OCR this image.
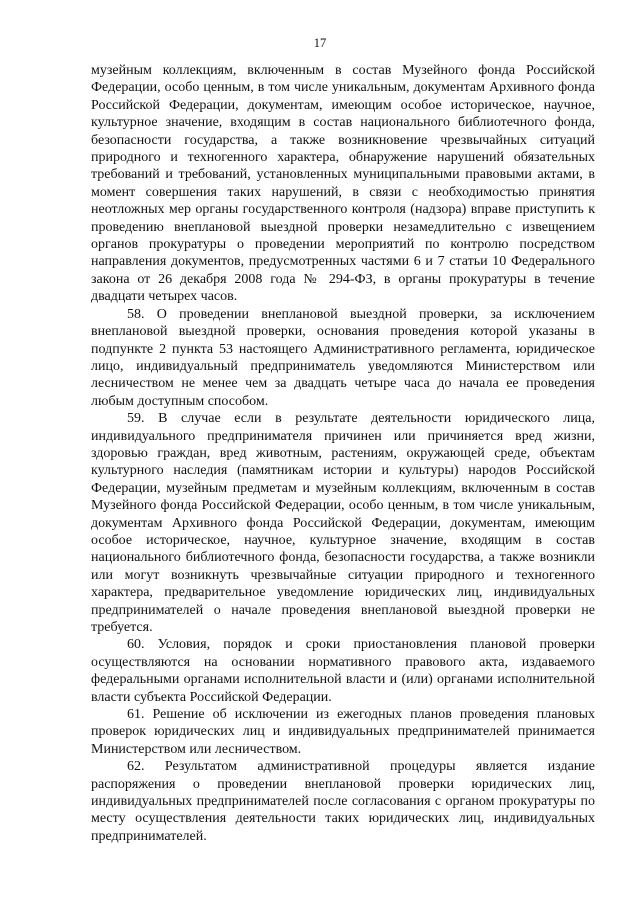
17

музейным коллекциям, включенным в состав Музейного фонда Российской Федерации, особо ценным, в том числе уникальным, документам Архивного фонда Российской Федерации, документам, имеющим особое историческое, научное, культурное значение, входящим в состав национального библиотечного фонда, безопасности государства, а также возникновение чрезвычайных ситуаций природного и техногенного характера, обнаружение нарушений обязательных требований и требований, установленных муниципальными правовыми актами, в момент совершения таких нарушений, в связи с необходимостью принятия неотложных мер органы государственного контроля (надзора) вправе приступить к проведению внеплановой выездной проверки незамедлительно с извещением органов прокуратуры о проведении мероприятий по контролю посредством направления документов, предусмотренных частями 6 и 7 статьи 10 Федерального закона от 26 декабря 2008 года № 294-ФЗ, в органы прокуратуры в течение двадцати четырех часов.

58. О проведении внеплановой выездной проверки, за исключением внеплановой выездной проверки, основания проведения которой указаны в подпункте 2 пункта 53 настоящего Административного регламента, юридическое лицо, индивидуальный предприниматель уведомляются Министерством или лесничеством не менее чем за двадцать четыре часа до начала ее проведения любым доступным способом.

59. В случае если в результате деятельности юридического лица, индивидуального предпринимателя причинен или причиняется вред жизни, здоровью граждан, вред животным, растениям, окружающей среде, объектам культурного наследия (памятникам истории и культуры) народов Российской Федерации, музейным предметам и музейным коллекциям, включенным в состав Музейного фонда Российской Федерации, особо ценным, в том числе уникальным, документам Архивного фонда Российской Федерации, документам, имеющим особое историческое, научное, культурное значение, входящим в состав национального библиотечного фонда, безопасности государства, а также возникли или могут возникнуть чрезвычайные ситуации природного и техногенного характера, предварительное уведомление юридических лиц, индивидуальных предпринимателей о начале проведения внеплановой выездной проверки не требуется.

60. Условия, порядок и сроки приостановления плановой проверки осуществляются на основании нормативного правового акта, издаваемого федеральными органами исполнительной власти и (или) органами исполнительной власти субъекта Российской Федерации.

61. Решение об исключении из ежегодных планов проведения плановых проверок юридических лиц и индивидуальных предпринимателей принимается Министерством или лесничеством.

62. Результатом административной процедуры является издание распоряжения о проведении внеплановой проверки юридических лиц, индивидуальных предпринимателей после согласования с органом прокуратуры по месту осуществления деятельности таких юридических лиц, индивидуальных предпринимателей.
